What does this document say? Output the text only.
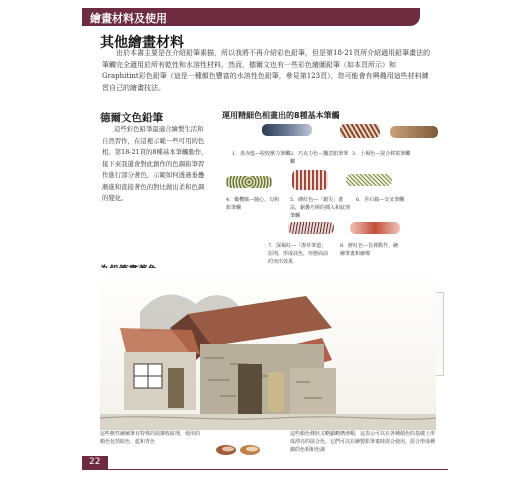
繪畫材料及使用
其他繪畫材料
由於本書主要是在介紹鉛筆素描，所以我將不再介紹彩色鉛筆，但是第18-21頁所介紹適用鉛筆畫法的筆觸完全適用於所有乾性和水溶性材料，然而，德爾文也有一些彩色繪圖鉛筆（如本頁所示）和Graphitint彩色鉛筆（這是一種顏色豐富的水溶性色鉛筆，參見第123頁），您可能會有興趣用這些材料練習自己的繪畫技法。
德爾文色鉛筆
這些彩色鉛筆最適合繪製生活和自然習作，在這裡示範一些可用的色相。第18-21頁的8種基本筆觸動作，接下來我還會對此創作的色調鉛筆習作進行部分著色，示範如何透過垂疊漸進和直接著色的對比做出柔和色調的變化。
運用精細色相畫出的8種基本筆觸
1．墨赤藍—收收壓力筆觸 2．巧克力色—飄忽鉛筆筆觸
3．土褐色—混合移寫筆觸
4．橄欖綠—隨心，勾和鉛筆觸
5．磚紅色—「鋸尖」畫法，鋸疊巧斯的插入和紋理筆觸
6．苔石綠—交叉筆觸
7．深褐紅—「潦草筆道」原則，形成底色，形態面前的突出效果
8．鮮紅色—旨彈動作，繪繪筆畫和繪聲
這些軟性繪圖筆有特殊的混雜收紋理，使用的顏色包括暗色、藍和青色
這些顏色條狀又略顯略擠滑順，這表示可以在各種顏色的基礎上形成漂亮的混合色，它們可以在繪製鉛筆畫時混合使用，混合形成種細的色相和色調
22
